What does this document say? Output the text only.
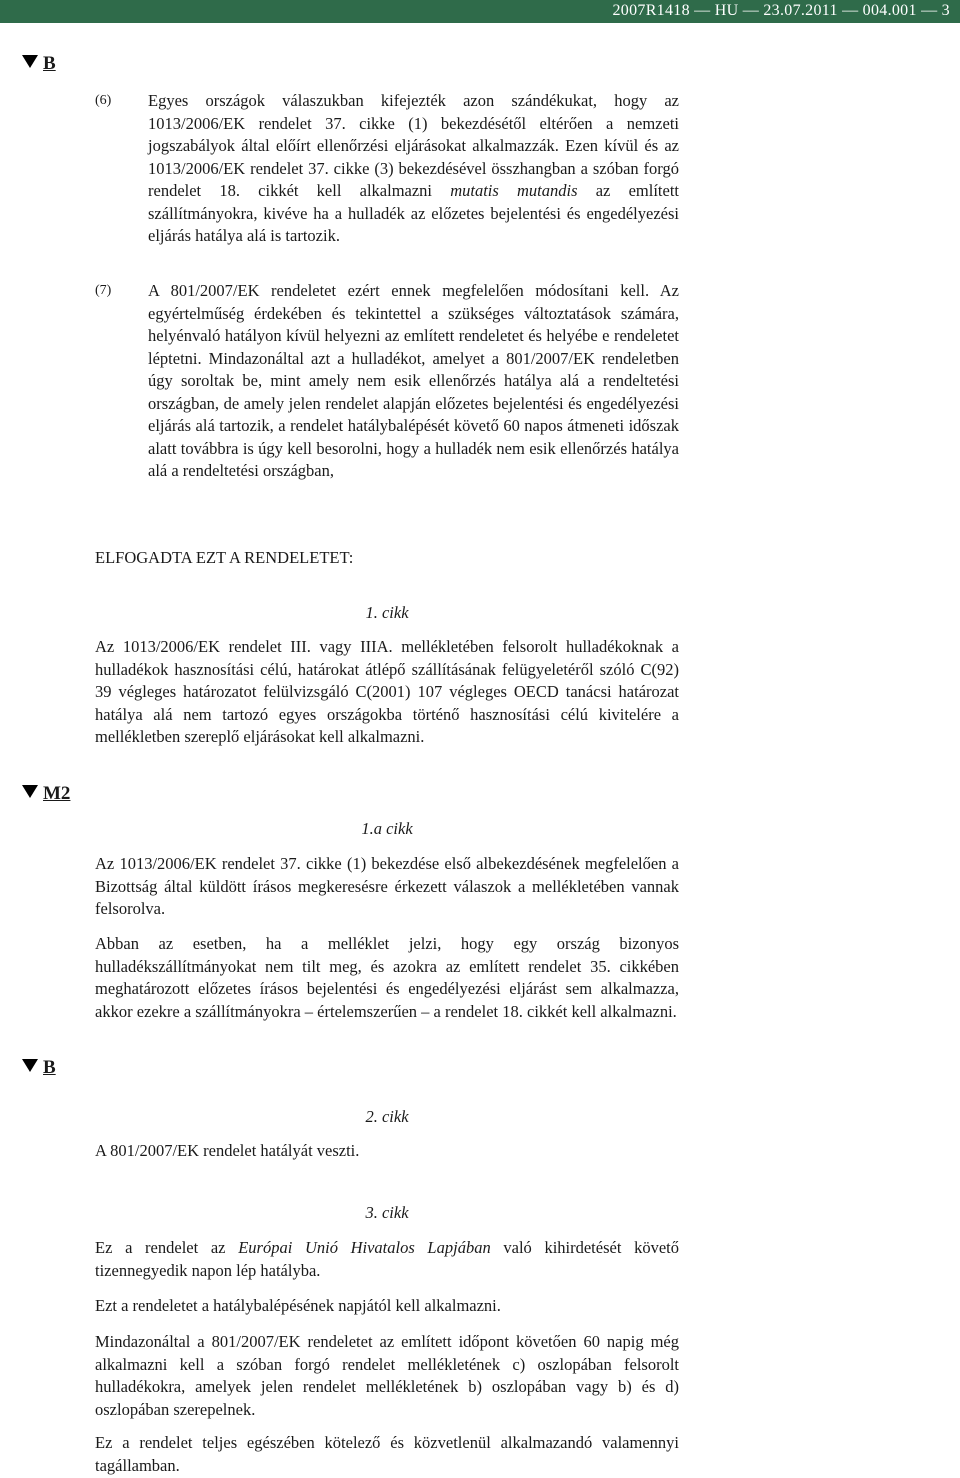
2007R1418 — HU — 23.07.2011 — 004.001 — 3
B
M2
B
(6) Egyes országok válaszukban kifejezték azon szándékukat, hogy az 1013/2006/EK rendelet 37. cikke (1) bekezdésétől eltérően a nemzeti jogszabályok által előírt ellenőrzési eljárásokat alkalmazzák. Ezen kívül és az 1013/2006/EK rendelet 37. cikke (3) bekezdésével összhangban a szóban forgó rendelet 18. cikkét kell alkalmazni mutatis mutandis az említett szállítmányokra, kivéve ha a hulladék az előzetes bejelentési és engedélyezési eljárás hatálya alá is tartozik.

(7) A 801/2007/EK rendeletet ezért ennek megfelelően módosítani kell. Az egyértelműség érdekében és tekintettel a szükséges változtatások számára, helyénvaló hatályon kívül helyezni az említett rendeletet és helyébe e rendeletet léptetni. Mindazonáltal azt a hulladékot, amelyet a 801/2007/EK rendeletben úgy soroltak be, mint amely nem esik ellenőrzés hatálya alá a rendeltetési országban, de amely jelen rendelet alapján előzetes bejelentési és engedélyezési eljárás alá tartozik, a rendelet hatálybalépését követő 60 napos átmeneti időszak alatt továbbra is úgy kell besorolni, hogy a hulladék nem esik ellenőrzés hatálya alá a rendeltetési országban,

ELFOGADTA EZT A RENDELETET:

1. cikk

Az 1013/2006/EK rendelet III. vagy IIIA. mellékletében felsorolt hulladékoknak a hulladékok hasznosítási célú, határokat átlépő szállításának felügyeletéről szóló C(92) 39 végleges határozatot felülvizsgáló C(2001) 107 végleges OECD tanácsi határozat hatálya alá nem tartozó egyes országokba történő hasznosítási célú kivitelére a mellékletben szereplő eljárásokat kell alkalmazni.

1.a cikk

Az 1013/2006/EK rendelet 37. cikke (1) bekezdése első albekezdésének megfelelően a Bizottság által küldött írásos megkeresésre érkezett válaszok a mellékletében vannak felsorolva.

Abban az esetben, ha a melléklet jelzi, hogy egy ország bizonyos hulladékszállítmányokat nem tilt meg, és azokra az említett rendelet 35. cikkében meghatározott előzetes írásos bejelentési és engedélyezési eljárást sem alkalmazza, akkor ezekre a szállítmányokra – értelemszerűen – a rendelet 18. cikkét kell alkalmazni.

2. cikk

A 801/2007/EK rendelet hatályát veszti.

3. cikk

Ez a rendelet az Európai Unió Hivatalos Lapjában való kihirdetését követő tizennegyedik napon lép hatályba.

Ezt a rendeletet a hatálybalépésének napjától kell alkalmazni.

Mindazonáltal a 801/2007/EK rendeletet az említett időpont követően 60 napig még alkalmazni kell a szóban forgó rendelet mellékletének c) oszlopában felsorolt hulladékokra, amelyek jelen rendelet mellékletének b) oszlopában vagy b) és d) oszlopában szerepelnek.

Ez a rendelet teljes egészében kötelező és közvetlenül alkalmazandó valamennyi tagállamban.
